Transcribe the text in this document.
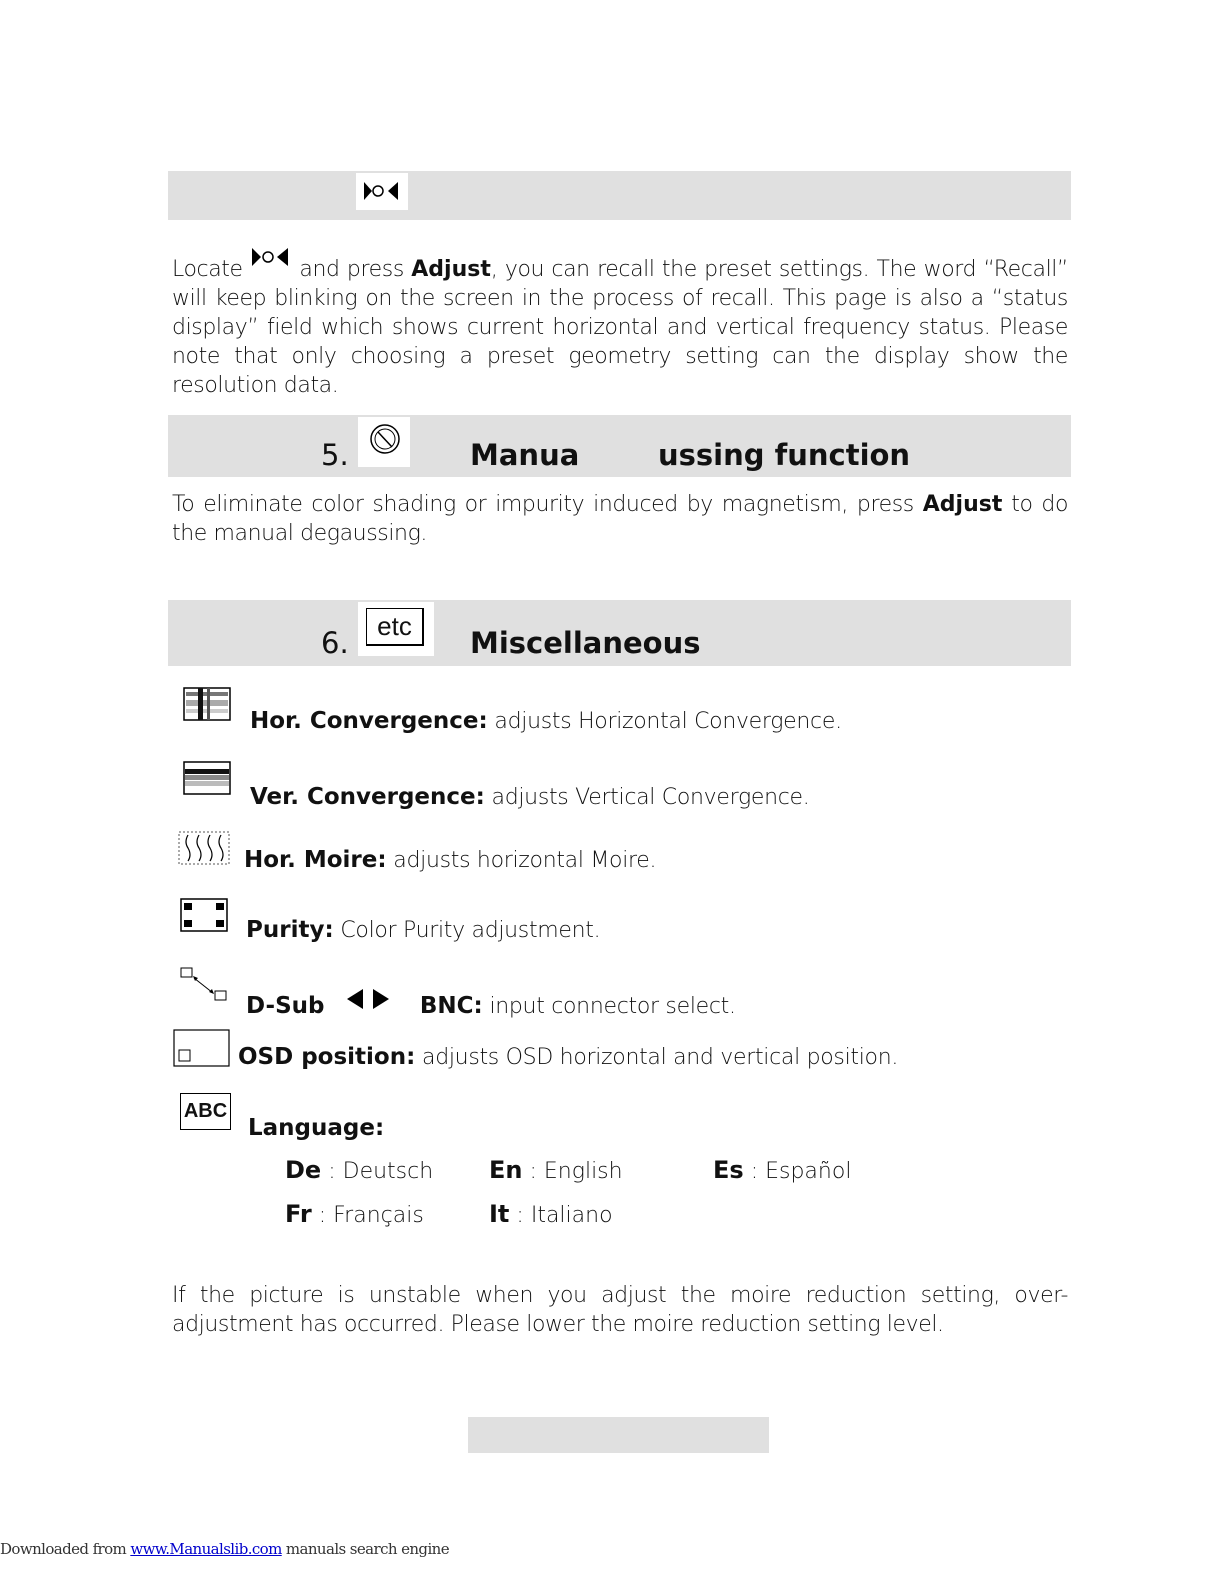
Locate	and press Adjust, you can recall the preset settings. The word “Recall” will keep blinking on the screen in the process of recall. This page is also a “status display” field which shows current horizontal and vertical frequency status. Please note that only choosing a preset geometry setting can the display show the resolution data.
5.	Manua	ussing function
To eliminate color shading or impurity induced by magnetism, press Adjust to do the manual degaussing.
6.	etc	Miscellaneous
Hor. Convergence: adjusts Horizontal Convergence.
Ver. Convergence: adjusts Vertical Convergence.
Hor. Moire: adjusts horizontal Moire.
Purity: Color Purity adjustment.
D-Sub	BNC: input connector select.
OSD position: adjusts OSD horizontal and vertical position.
ABC
Language:
De : Deutsch En : English	Es : Español
Fr : Français	It : Italiano
If the picture is unstable when you adjust the moire reduction setting, over-adjustment has occurred. Please lower the moire reduction setting level.
Downloaded from www.Manualslib.com manuals search engine
